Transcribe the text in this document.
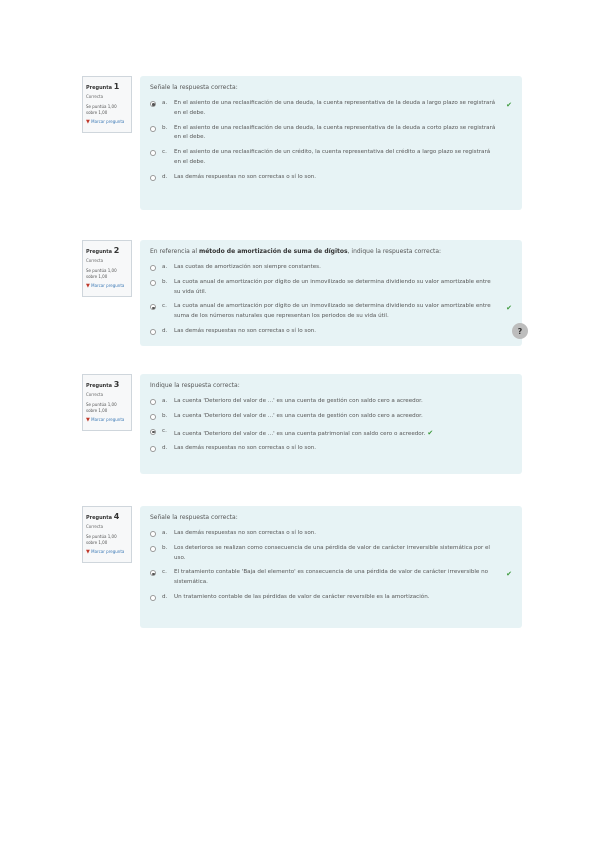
Pregunta 1
Correcta
Se puntúa 1,00 sobre 1,00
▼ Marcar pregunta
Señale la respuesta correcta:
a.	En el asiento de una reclasificación de una deuda, la cuenta representativa de la deuda a largo plazo se registrará en el debe.
✔
b.	En el asiento de una reclasificación de una deuda, la cuenta representativa de la deuda a corto plazo se registrará en el debe.
c.	En el asiento de una reclasificación de un crédito, la cuenta representativa del crédito a largo plazo se registrará en el debe.
d.	Las demás respuestas no son correctas o sí lo son.
Pregunta 2
Correcta
Se puntúa 1,00 sobre 1,00
▼ Marcar pregunta
En referencia al método de amortización de suma de dígitos, indique la respuesta correcta:
a.	Las cuotas de amortización son siempre constantes.
b.	La cuota anual de amortización por dígito de un inmovilizado se determina dividiendo su valor amortizable entre su vida útil.
c.	La cuota anual de amortización por dígito de un inmovilizado se determina dividiendo su valor amortizable entre suma de los números naturales que representan los periodos de su vida útil.
✔
d.	Las demás respuestas no son correctas o sí lo son.	?
Pregunta 3
Correcta
Se puntúa 1,00 sobre 1,00
▼ Marcar pregunta
Indique la respuesta correcta:
a.	La cuenta 'Deterioro del valor de ...' es una cuenta de gestión con saldo cero a acreedor.
b.	La cuenta 'Deterioro del valor de ...' es una cuenta de gestión con saldo cero a acreedor.
c.	La cuenta 'Deterioro del valor de ...' es una cuenta patrimonial con saldo cero o acreedor. ✔
d.	Las demás respuestas no son correctas o sí lo son.
Pregunta 4
Correcta
Se puntúa 1,00 sobre 1,00
▼ Marcar pregunta
Señale la respuesta correcta:
a.	Las demás respuestas no son correctas o sí lo son.
b.	Los deterioros se realizan como consecuencia de una pérdida de valor de carácter irreversible sistemática por el uso.
c.	El tratamiento contable 'Baja del elemento' es consecuencia de una pérdida de valor de carácter irreversible no sistemática.
✔
d.	Un tratamiento contable de las pérdidas de valor de carácter reversible es la amortización.
